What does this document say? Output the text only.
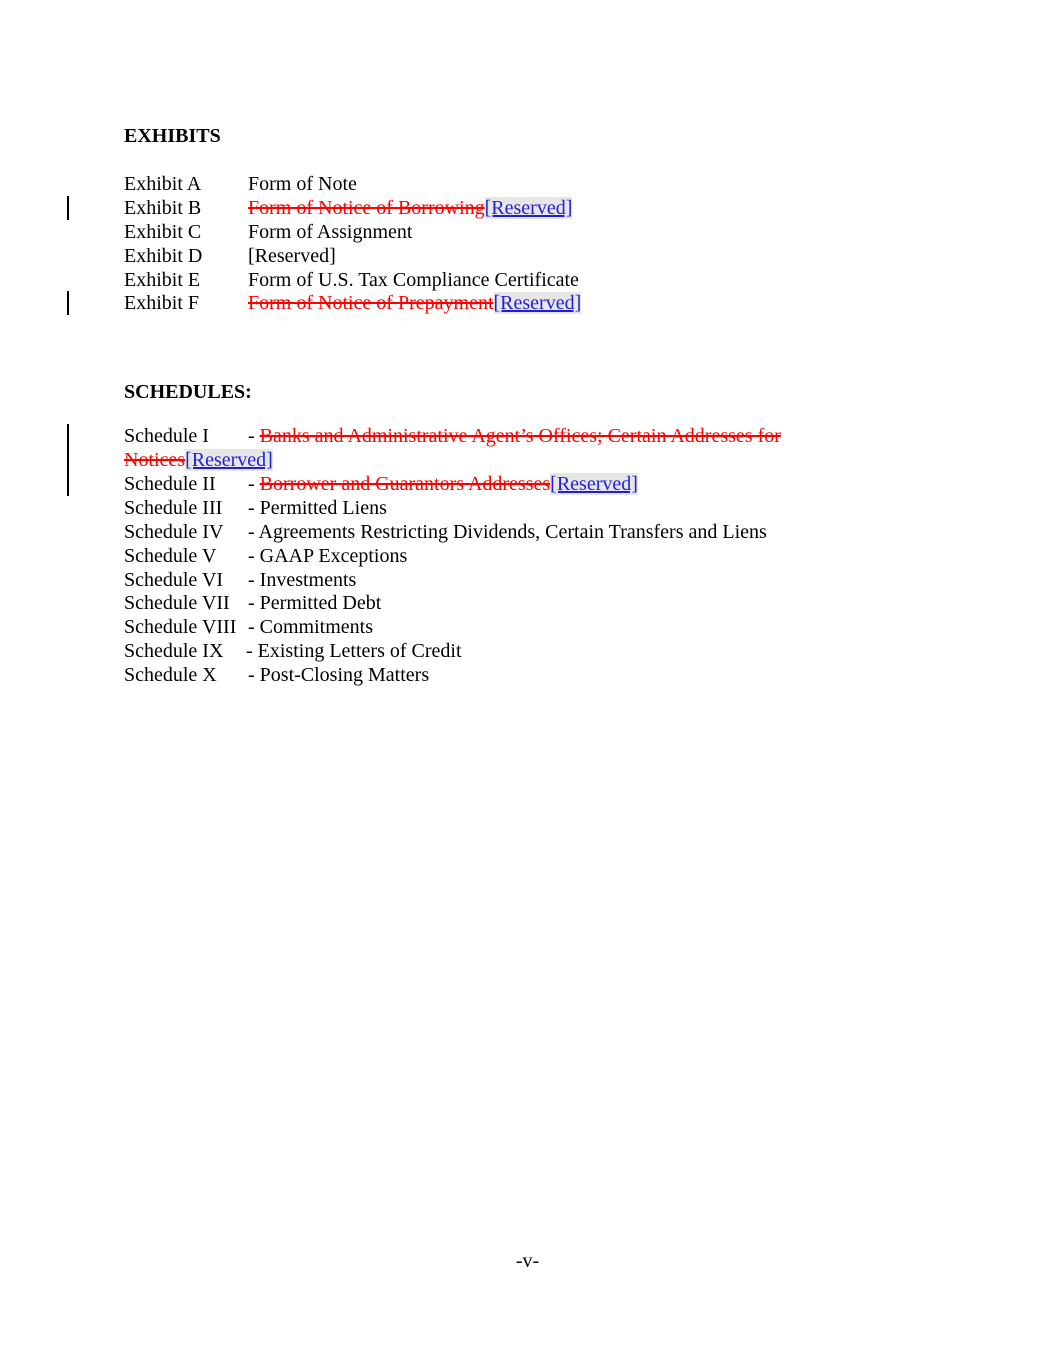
EXHIBITS
Exhibit A Form of Note
Exhibit B Form of Notice of Borrowing[Reserved]
Exhibit C Form of Assignment
Exhibit D [Reserved]
Exhibit E Form of U.S. Tax Compliance Certificate
Exhibit F Form of Notice of Prepayment[Reserved]
SCHEDULES:
Schedule I - Banks and Administrative Agent’s Offices; Certain Addresses for
Notices[Reserved]
Schedule II - Borrower and Guarantors Addresses[Reserved]
Schedule III - Permitted Liens
Schedule IV - Agreements Restricting Dividends, Certain Transfers and Liens
Schedule V - GAAP Exceptions
Schedule VI - Investments
Schedule VII - Permitted Debt
Schedule VIII - Commitments
Schedule IX - Existing Letters of Credit
Schedule X - Post-Closing Matters
-v-
